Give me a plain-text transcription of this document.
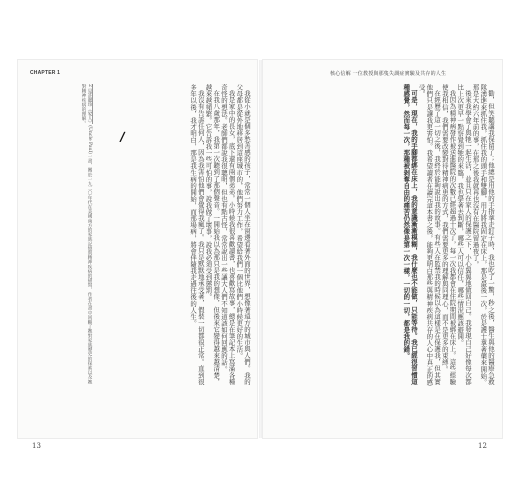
CHAPTER 1	核心信解 一位教授與那隻失調症實驗及共存的人生

勸，但笑聽講我保留了；他總是用他的手指拿走釘子時，我也吃了一驚，秒之後，醫生與他的醫療急救隊湧進來抓住我，抓住我的頭手和雙腳，用力將我固定在床上，那是最後一次，於是護士拿著藥來開始。那是大約六年前的事，在那之後我就再也沒有在醫院留過夜了。

後來我學會了與牠一起生活，並且只在家人的保護之下，小心翼翼地做回自己。我發現自己好像每次都比上次更早一點察覺到牠的來臨，我也學著去判斷，哪些人可以信任，哪些情況應該避開。

我因為精神病發作被送進醫院的次數已經超過十次了，每一次我都會在住院期間被綁在床上。這些經驗使我相信，我們需要改變對待精神病患的方式，我們需要更多的理解與同理心，而不是更多的束縛。

在經歷了這一切之後，我終於能夠說出我的故事。有些人在監禁我的時候以為這樣是在保護我，但其實他們只是讓我更害怕。我希望讀者在讀完這本書之後，能夠更明白那些與精神疾病共存的人心中真正的感受。

可是，現在，我的手腳都綁在床上，我的意識漸漸模糊，我什麼也不能做，只能等待。我已經很習慣這種感覺，然而每一次，那種被剝奪自由的痛苦仍然像是第一次一樣，一切的一切，都是我的錯。

我從小就是個多愁善感的孩子，常常一個人坐在窗邊看著外面的世界，想像著遠方的城市與人們。我的父母都是從外地移居到這座城市的，他們努力工作，希望給我們一個比他們小時候更好的生活。

我是家中的長女，底下還有兩個弟弟。小時候我很喜歡讀書，也喜歡寫故事，總是在筆記本上寫滿各種奇怪的想法。老師們都說我很聰明，但也有點古怪，常常說出一些讓大人們不知道該如何回應的話。

在我八歲那年，我第一次聽到了那個聲音。一開始我以為那只是我的想像，但後來它變得越來越清楚，越來越頻繁。它告訴我一些可怕的事，說我做了壞事，說我必須受到懲罰。

我沒有告訴任何人，因為我害怕他們會覺得我瘋了。我只是默默地承受著，假裝一切都很正常。直到很多年以後，我才明白，那是我生病的開始，而那場病，將會伴隨我走過往後的人生。

2 見許麗珍《家人》(Uncle Paul)一書，關於一九二〇年代在美國南方的家族記憶與精神疾病的描寫，作者在書中回顧了她對家族歷史的探索以及她對精神疾病的理解。
/
13	12
